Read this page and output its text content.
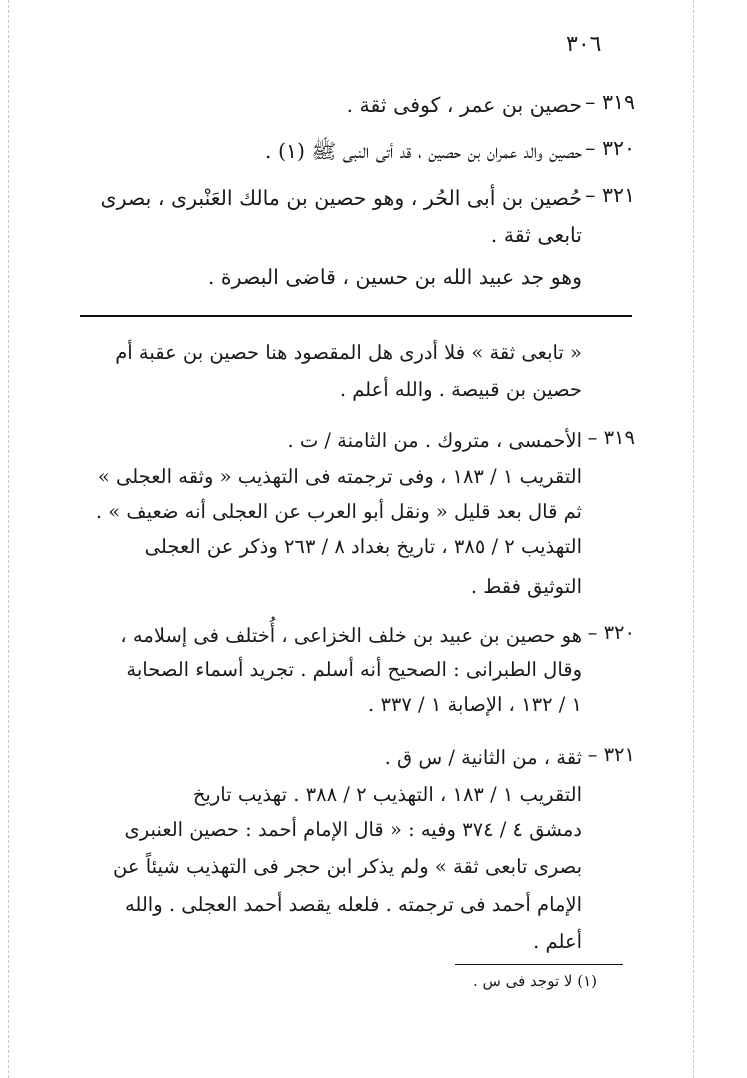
٣٠٦
٣١٩ –
حصين بن عمر ، كوفى ثقة .
٣٢٠ –
حصين والد عمران بن حصين ، قد أتى النبى ﷺ (١) .
٣٢١ –
حُصين بن أبى الحُر ، وهو حصين بن مالك العَنْبرى ، بصرى
تابعى ثقة .
وهو جد عبيد الله بن حسين ، قاضى البصرة .
« تابعى ثقة » فلا أدرى هل المقصود هنا حصين بن عقبة أم
حصين بن قبيصة . والله أعلم .
٣١٩ –
الأحمسى ، متروك . من الثامنة / ت .
التقريب ١ / ١٨٣ ، وفى ترجمته فى التهذيب « وثقه العجلى »
ثم قال بعد قليل « ونقل أبو العرب عن العجلى أنه ضعيف » .
التهذيب ٢ / ٣٨٥ ، تاريخ بغداد ٨ / ٢٦٣ وذكر عن العجلى
التوثيق فقط .
٣٢٠ –
هو حصين بن عبيد بن خلف الخزاعى ، أُختلف فى إسلامه ،
وقال الطبرانى : الصحيح أنه أسلم . تجريد أسماء الصحابة
١ / ١٣٢ ، الإصابة ١ / ٣٣٧ .
٣٢١ –
ثقة ، من الثانية / س ق .
التقريب ١ / ١٨٣ ، التهذيب ٢ / ٣٨٨ . تهذيب تاريخ
دمشق ٤ / ٣٧٤ وفيه : « قال الإمام أحمد : حصين العنبرى
بصرى تابعى ثقة » ولم يذكر ابن حجر فى التهذيب شيئاً عن
الإمام أحمد فى ترجمته . فلعله يقصد أحمد العجلى . والله
أعلم .
(١) لا توجد فى س .
